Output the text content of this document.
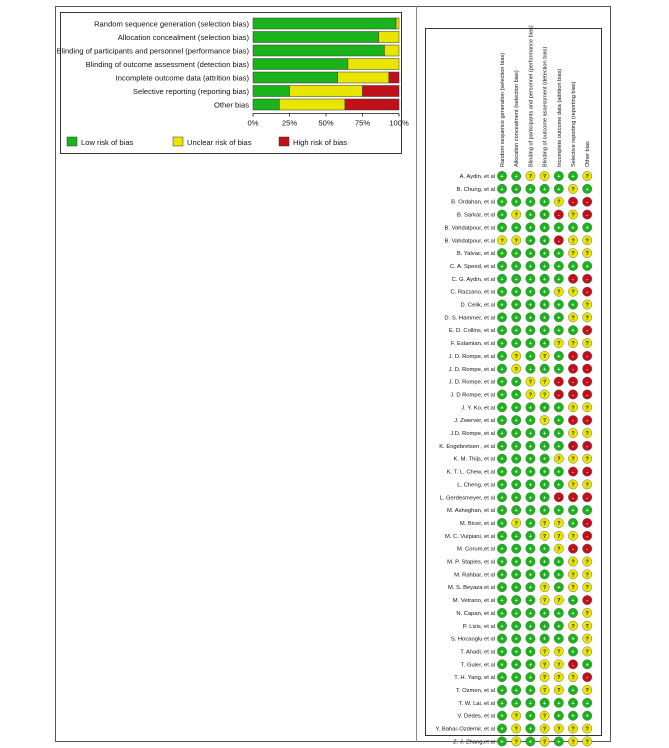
Random sequence generation (selection bias)
Allocation concealment (selection bias)
Blinding of participants and personnel (performance bias)
Blinding of outcome assessment (detection bias)
Incomplete outcome data (attrition bias)
Selective reporting (reporting bias)
Other bias
0%	25%	50%	75%	100%
Low risk of bias	Unclear risk of bias	High risk of bias	Random sequence generation (selection bias) Allocation concealment (selection bias) Blinding of participants and personnel (performance bias) Blinding of outcome assessment (detection bias) Incomplete outcome data (attrition bias) Selective reporting (reporting bias) Other bias
A. Aydin, et al + + ? ? + + ?
B. Chung, et al + + + + + ? +
B. Ordahan, et al + + + + ? - -
B. Sarkar, et al + ? + + - ? -
B. Vahdatpour, et al + + + + + + +
B. Vahdatpour, et al ? ? + + - ? ?
B. Yalvac, et al + + + + + ? ?
C. A. Speed, et al + + + + + + +
C. G. Aydin, et al + + + + + - -
C. Razzano, et al + + + + ? ? -
D. Celik, et al + + + + + + ?
D. S. Hammer, et al + + + + + ? ?
E. D. Collins, et al + + + + + + -
F. Eslamian, et al + + + + ? ? ?
J. D. Rompe, et al + ? + ? + - -
J. D. Rompe, et al + ? + + + - -
J. D. Rompe, et al + + ? ? - - -
J. D Rompe, et al + + ? ? - - -
J. Y. Ko, et al + + + + + ? ?
J. Zwerver, et al + + + ? + - -
J.D. Rompe, et al + + + + + ? ?
K. Engebretsen , et al + + + + + - -
K. M. Thijs, et al + + + + ? ? ?
K. T. L. Chew, et al + + + + + - -
L. Cheng, et al + + + + + ? ?
L. Gerdesmeyer, et al + + + + - - -
M. Asheghan, et al + + + + + + +
M. Bicer, et al + ? + ? ? + -
M. C. Vulpiani, et al + + + ? ? ? -
M. Corum,et al + + + + ? - -
M. P. Staples, et al + + + + + ? ?
M. Rahbar, et al + + + + + ? ?
M. S. Beyaza et al + + + ? + ? ?
M. Vetrano, et al + + + ? ? + -
N. Capan, et al + + + + + + ?
P. Lizis, et al + + + + + ? ?
S. Hocaoglu et al + + + + + + ?
T. Ahadi, et al + + + ? ? + ?
T. Guler, et al + + + ? ? - +
T. H. Yang, et al + + + ? ? ? -
T. Ozmen, et al + + + ? ? + ?
T. W. Lai, et al + + + + + + +
V. Dedes, et al + ? + ? + + +
Y. Bahar-Ozdemir, et al + ? + ? ? ? ?
Z. J. Zhang,et al + ? + ? + ? ?
